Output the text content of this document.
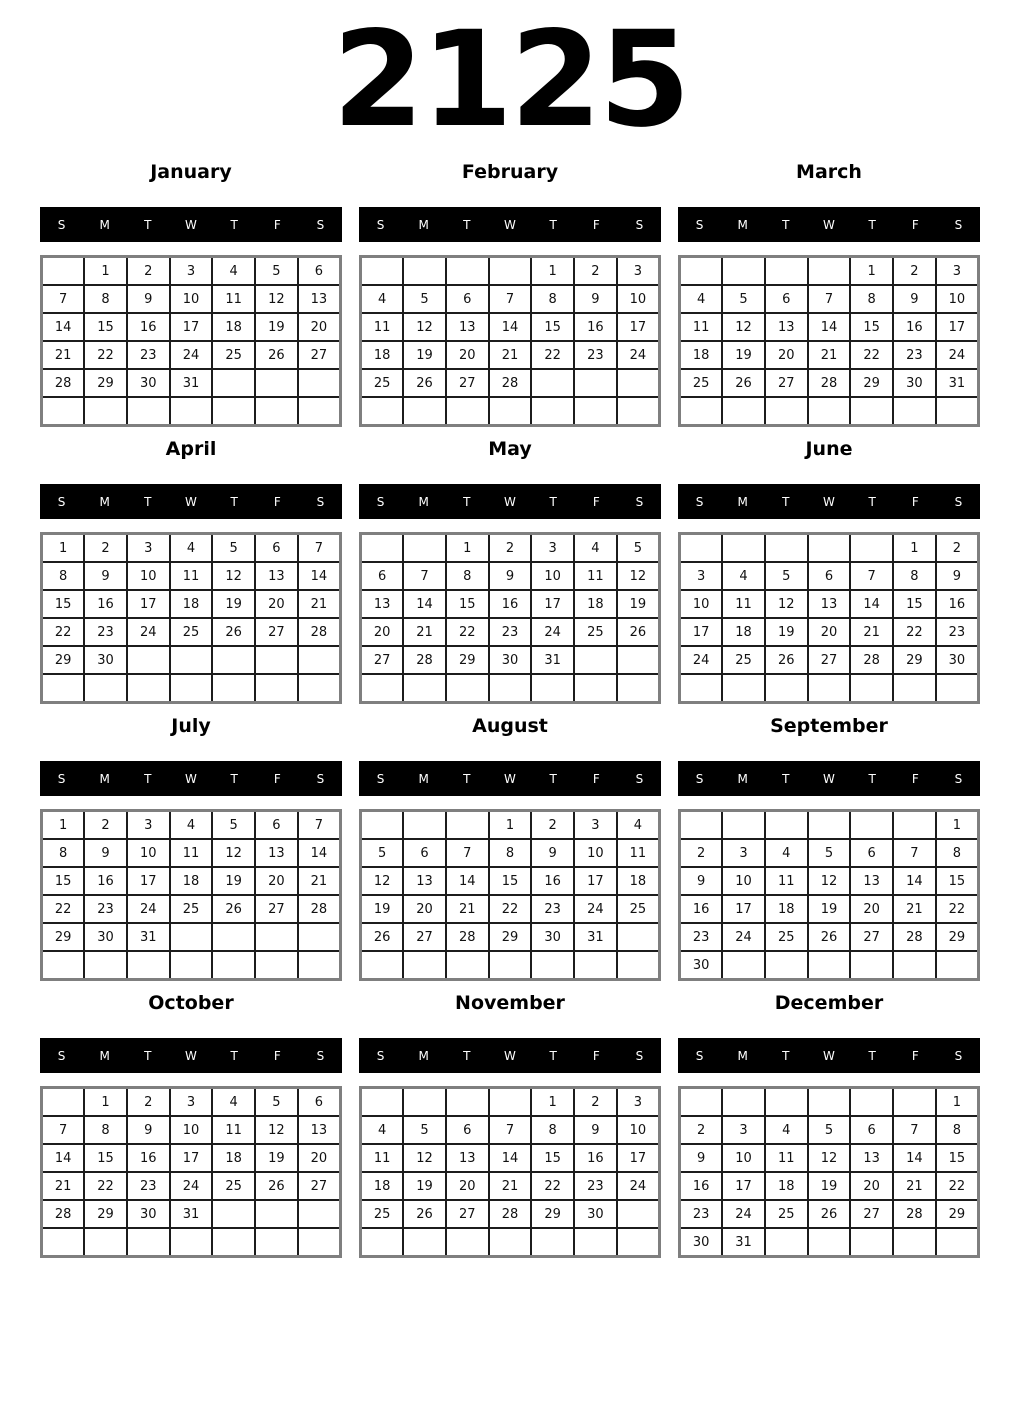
2125
January
S	M	T	W	T	F	S
	1	2	3	4	5	6
7	8	9	10	11	12	13
14	15	16	17	18	19	20
21	22	23	24	25	26	27
28	29	30	31			

February
S	M	T	W	T	F	S
				1	2	3
4	5	6	7	8	9	10
11	12	13	14	15	16	17
18	19	20	21	22	23	24
25	26	27	28			

March
S	M	T	W	T	F	S
				1	2	3
4	5	6	7	8	9	10
11	12	13	14	15	16	17
18	19	20	21	22	23	24
25	26	27	28	29	30	31

April
S	M	T	W	T	F	S
1	2	3	4	5	6	7
8	9	10	11	12	13	14
15	16	17	18	19	20	21
22	23	24	25	26	27	28
29	30					

May
S	M	T	W	T	F	S
		1	2	3	4	5
6	7	8	9	10	11	12
13	14	15	16	17	18	19
20	21	22	23	24	25	26
27	28	29	30	31		

June
S	M	T	W	T	F	S
					1	2
3	4	5	6	7	8	9
10	11	12	13	14	15	16
17	18	19	20	21	22	23
24	25	26	27	28	29	30

July
S	M	T	W	T	F	S
1	2	3	4	5	6	7
8	9	10	11	12	13	14
15	16	17	18	19	20	21
22	23	24	25	26	27	28
29	30	31				

August
S	M	T	W	T	F	S
			1	2	3	4
5	6	7	8	9	10	11
12	13	14	15	16	17	18
19	20	21	22	23	24	25
26	27	28	29	30	31	

September
S	M	T	W	T	F	S
						1
2	3	4	5	6	7	8
9	10	11	12	13	14	15
16	17	18	19	20	21	22
23	24	25	26	27	28	29
30						
October
S	M	T	W	T	F	S
	1	2	3	4	5	6
7	8	9	10	11	12	13
14	15	16	17	18	19	20
21	22	23	24	25	26	27
28	29	30	31			

November
S	M	T	W	T	F	S
				1	2	3
4	5	6	7	8	9	10
11	12	13	14	15	16	17
18	19	20	21	22	23	24
25	26	27	28	29	30	

December
S	M	T	W	T	F	S
						1
2	3	4	5	6	7	8
9	10	11	12	13	14	15
16	17	18	19	20	21	22
23	24	25	26	27	28	29
30	31					
